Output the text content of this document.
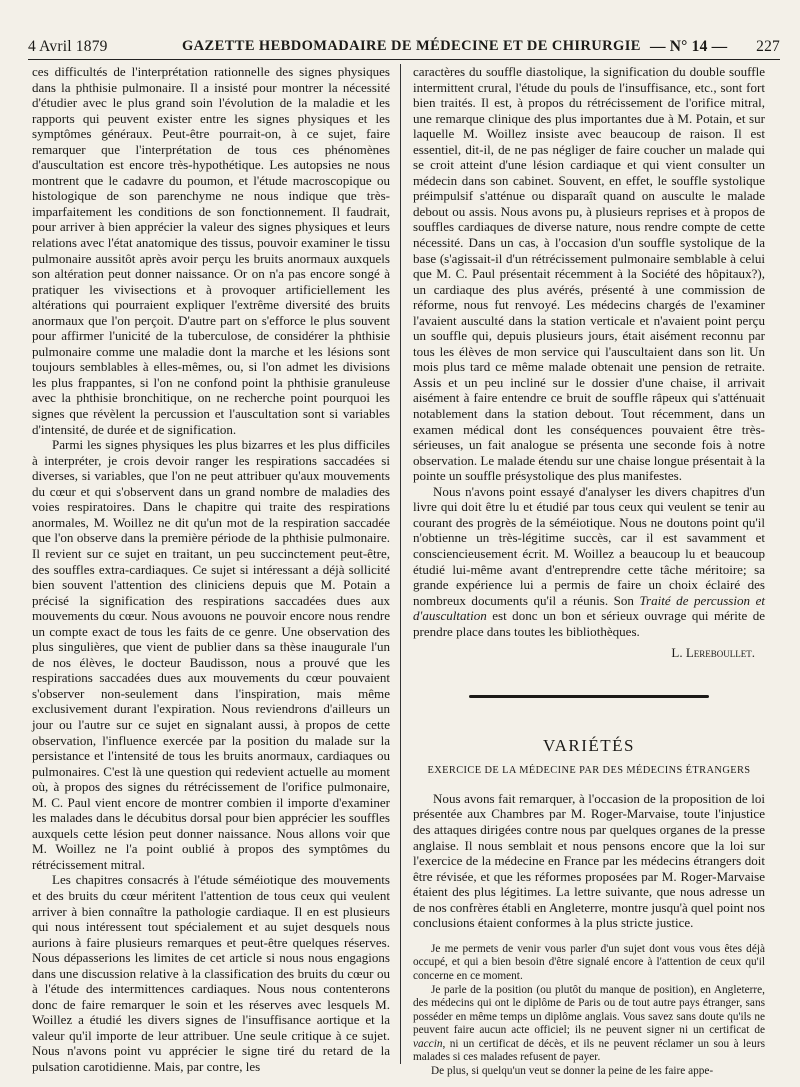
4 Avril 1879	GAZETTE HEBDOMADAIRE DE MÉDECINE ET DE CHIRURGIE — N° 14 — 227

ces difficultés de l'interprétation rationnelle des signes physiques dans la phthisie pulmonaire. Il a insisté pour montrer la nécessité d'étudier avec le plus grand soin l'évolution de la maladie et les rapports qui peuvent exister entre les signes physiques et les symptômes généraux. Peut-être pourrait-on, à ce sujet, faire remarquer que l'interprétation de tous ces phénomènes d'auscultation est encore très-hypothétique. Les autopsies ne nous montrent que le cadavre du poumon, et l'étude macroscopique ou histologique de son parenchyme ne nous indique que très-imparfaitement les conditions de son fonctionnement. Il faudrait, pour arriver à bien apprécier la valeur des signes physiques et leurs relations avec l'état anatomique des tissus, pouvoir examiner le tissu pulmonaire aussitôt après avoir perçu les bruits anormaux auxquels son altération peut donner naissance. Or on n'a pas encore songé à pratiquer les vivisections et à provoquer artificiellement les altérations qui pourraient expliquer l'extrême diversité des bruits anormaux que l'on perçoit. D'autre part on s'efforce le plus souvent pour affirmer l'unicité de la tuberculose, de considérer la phthisie pulmonaire comme une maladie dont la marche et les lésions sont toujours semblables à elles-mêmes, ou, si l'on admet les divisions les plus frappantes, si l'on ne confond point la phthisie granuleuse avec la phthisie bronchitique, on ne recherche point pourquoi les signes que révèlent la percussion et l'auscultation sont si variables d'intensité, de durée et de signification.

Parmi les signes physiques les plus bizarres et les plus difficiles à interpréter, je crois devoir ranger les respirations saccadées si diverses, si variables, que l'on ne peut attribuer qu'aux mouvements du cœur et qui s'observent dans un grand nombre de maladies des voies respiratoires. Dans le chapitre qui traite des respirations anormales, M. Woillez ne dit qu'un mot de la respiration saccadée que l'on observe dans la première période de la phthisie pulmonaire. Il revient sur ce sujet en traitant, un peu succinctement peut-être, des souffles extra-cardiaques. Ce sujet si intéressant a déjà sollicité bien souvent l'attention des cliniciens depuis que M. Potain a précisé la signification des respirations saccadées dues aux mouvements du cœur. Nous avouons ne pouvoir encore nous rendre un compte exact de tous les faits de ce genre. Une observation des plus singulières, que vient de publier dans sa thèse inaugurale l'un de nos élèves, le docteur Baudisson, nous a prouvé que les respirations saccadées dues aux mouvements du cœur pouvaient s'observer non-seulement dans l'inspiration, mais même exclusivement durant l'expiration. Nous reviendrons d'ailleurs un jour ou l'autre sur ce sujet en signalant aussi, à propos de cette observation, l'influence exercée par la position du malade sur la persistance et l'intensité de tous les bruits anormaux, cardiaques ou pulmonaires. C'est là une question qui redevient actuelle au moment où, à propos des signes du rétrécissement de l'orifice pulmonaire, M. C. Paul vient encore de montrer combien il importe d'examiner les malades dans le décubitus dorsal pour bien apprécier les souffles auxquels cette lésion peut donner naissance. Nous allons voir que M. Woillez ne l'a point oublié à propos des symptômes du rétrécissement mitral.

Les chapitres consacrés à l'étude séméiotique des mouvements et des bruits du cœur méritent l'attention de tous ceux qui veulent arriver à bien connaître la pathologie cardiaque. Il en est plusieurs qui nous intéressent tout spécialement et au sujet desquels nous aurions à faire plusieurs remarques et peut-être quelques réserves. Nous dépasserions les limites de cet article si nous nous engagions dans une discussion relative à la classification des bruits du cœur ou à l'étude des intermittences cardiaques. Nous nous contenterons donc de faire remarquer le soin et les réserves avec lesquels M. Woillez a étudié les divers signes de l'insuffisance aortique et la valeur qu'il importe de leur attribuer. Une seule critique à ce sujet. Nous n'avons point vu apprécier le signe tiré du retard de la pulsation carotidienne. Mais, par contre, les

caractères du souffle diastolique, la signification du double souffle intermittent crural, l'étude du pouls de l'insuffisance, etc., sont fort bien traités. Il est, à propos du rétrécissement de l'orifice mitral, une remarque clinique des plus importantes due à M. Potain, et sur laquelle M. Woillez insiste avec beaucoup de raison. Il est essentiel, dit-il, de ne pas négliger de faire coucher un malade qui se croit atteint d'une lésion cardiaque et qui vient consulter un médecin dans son cabinet. Souvent, en effet, le souffle systolique préimpulsif s'atténue ou disparaît quand on ausculte le malade debout ou assis. Nous avons pu, à plusieurs reprises et à propos de souffles cardiaques de diverse nature, nous rendre compte de cette nécessité. Dans un cas, à l'occasion d'un souffle systolique de la base (s'agissait-il d'un rétrécissement pulmonaire semblable à celui que M. C. Paul présentait récemment à la Société des hôpitaux?), un cardiaque des plus avérés, présenté à une commission de réforme, nous fut renvoyé. Les médecins chargés de l'examiner l'avaient ausculté dans la station verticale et n'avaient point perçu un souffle qui, depuis plusieurs jours, était aisément reconnu par tous les élèves de mon service qui l'auscultaient dans son lit. Un mois plus tard ce même malade obtenait une pension de retraite. Assis et un peu incliné sur le dossier d'une chaise, il arrivait aisément à faire entendre ce bruit de souffle râpeux qui s'atténuait notablement dans la station debout. Tout récemment, dans un examen médical dont les conséquences pouvaient être très-sérieuses, un fait analogue se présenta une seconde fois à notre observation. Le malade étendu sur une chaise longue présentait à la pointe un souffle présystolique des plus manifestes.

Nous n'avons point essayé d'analyser les divers chapitres d'un livre qui doit être lu et étudié par tous ceux qui veulent se tenir au courant des progrès de la séméiotique. Nous ne doutons point qu'il n'obtienne un très-légitime succès, car il est savamment et consciencieusement écrit. M. Woillez a beaucoup lu et beaucoup étudié lui-même avant d'entreprendre cette tâche méritoire; sa grande expérience lui a permis de faire un choix éclairé des nombreux documents qu'il a réunis. Son Traité de percussion et d'auscultation est donc un bon et sérieux ouvrage qui mérite de prendre place dans toutes les bibliothèques.

L. Lereboullet.

VARIÉTÉS
EXERCICE DE LA MÉDECINE PAR DES MÉDECINS ÉTRANGERS

Nous avons fait remarquer, à l'occasion de la proposition de loi présentée aux Chambres par M. Roger-Marvaise, toute l'injustice des attaques dirigées contre nous par quelques organes de la presse anglaise. Il nous semblait et nous pensons encore que la loi sur l'exercice de la médecine en France par les médecins étrangers doit être révisée, et que les réformes proposées par M. Roger-Marvaise étaient des plus légitimes. La lettre suivante, que nous adresse un de nos confrères établi en Angleterre, montre jusqu'à quel point nos conclusions étaient conformes à la plus stricte justice.

Je me permets de venir vous parler d'un sujet dont vous vous êtes déjà occupé, et qui a bien besoin d'être signalé encore à l'attention de ceux qu'il concerne en ce moment.

Je parle de la position (ou plutôt du manque de position), en Angleterre, des médecins qui ont le diplôme de Paris ou de tout autre pays étranger, sans posséder en même temps un diplôme anglais. Vous savez sans doute qu'ils ne peuvent faire aucun acte officiel; ils ne peuvent signer ni un certificat de vaccin, ni un certificat de décès, et ils ne peuvent réclamer un sou à leurs malades si ces malades refusent de payer.

De plus, si quelqu'un veut se donner la peine de les faire appe-
